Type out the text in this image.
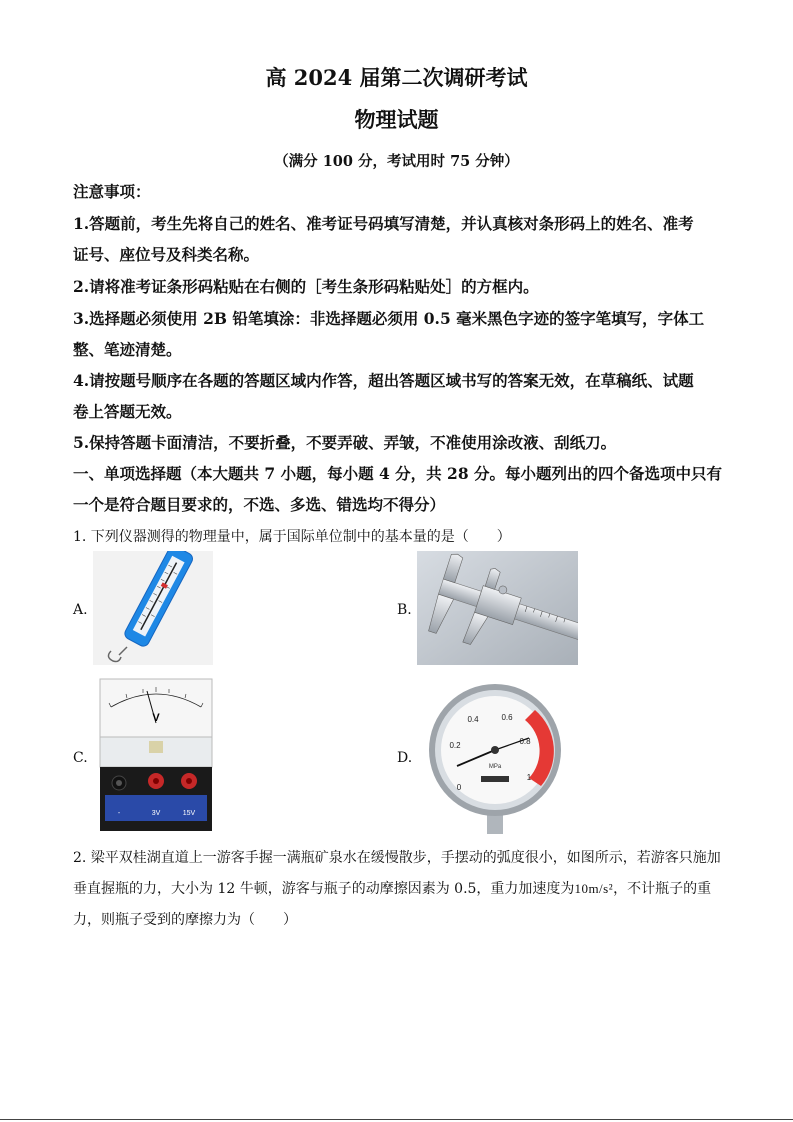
高 2024 届第二次调研考试
物理试题
（满分 100 分，考试用时 75 分钟）
注意事项：
1.答题前，考生先将自己的姓名、准考证号码填写清楚，并认真核对条形码上的姓名、准考
证号、座位号及科类名称。
2.请将准考证条形码粘贴在右侧的［考生条形码粘贴处］的方框内。
3.选择题必须使用 2B 铅笔填涂：非选择题必须用 0.5 毫米黑色字迹的签字笔填写，字体工
整、笔迹清楚。
4.请按题号顺序在各题的答题区域内作答，超出答题区域书写的答案无效，在草稿纸、试题
卷上答题无效。
5.保持答题卡面清洁，不要折叠，不要弄破、弄皱，不准使用涂改液、刮纸刀。
一、单项选择题（本大题共 7 小题，每小题 4 分，共 28 分。每小题列出的四个备选项中只有
一个是符合题目要求的，不选、多选、错选均不得分）
1. 下列仪器测得的物理量中，属于国际单位制中的基本量的是（　　）
A.	B.
C.
V
-	3V	15V
D.
0
0.2
0.4	0.6
0.8
1
MPa
2. 梁平双桂湖直道上一游客手握一满瓶矿泉水在缓慢散步，手摆动的弧度很小，如图所示，若游客只施加
垂直握瓶的力，大小为 12 牛顿，游客与瓶子的动摩擦因素为 0.5，重力加速度为10m/s²，不计瓶子的重
力，则瓶子受到的摩擦力为（　　）
